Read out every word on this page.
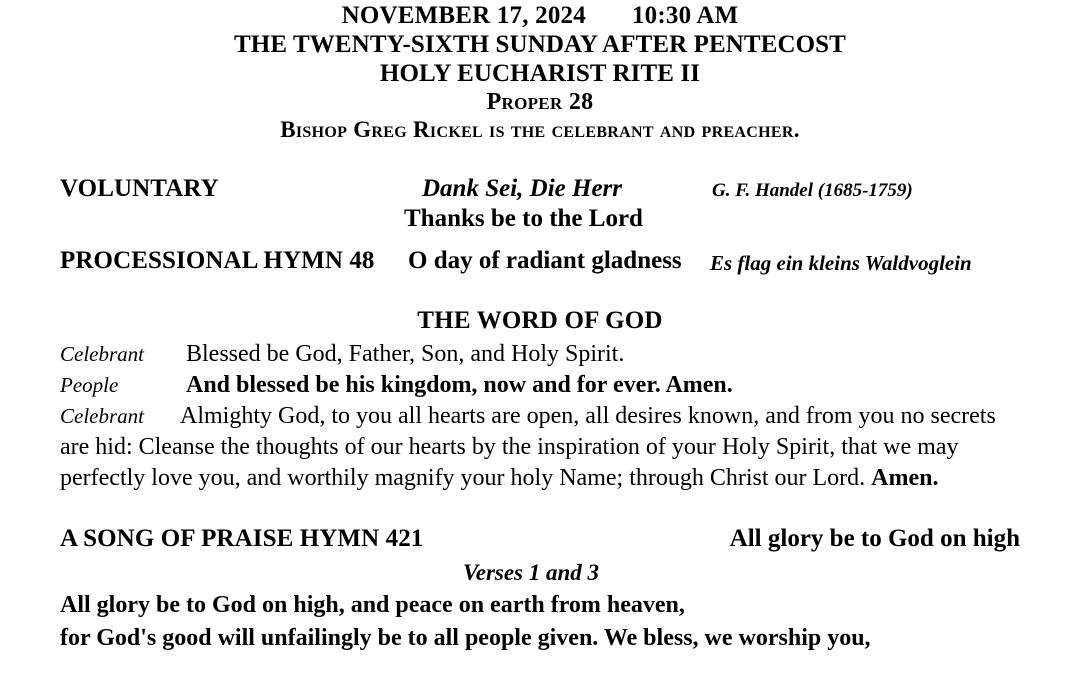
NOVEMBER 17, 2024 10:30 AM
THE TWENTY-SIXTH SUNDAY AFTER PENTECOST
HOLY EUCHARIST RITE II
Proper 28
Bishop Greg Rickel is the celebrant and preacher.
VOLUNTARY	Dank Sei, Die Herr	G. F. Handel (1685-1759)
Thanks be to the Lord
PROCESSIONAL HYMN 48 O day of radiant gladness Es flag ein kleins Waldvoglein
THE WORD OF GOD
Celebrant	Blessed be God, Father, Son, and Holy Spirit.
People	And blessed be his kingdom, now and for ever. Amen.

Celebrant Almighty God, to you all hearts are open, all desires known, and from you no secrets are hid: Cleanse the thoughts of our hearts by the inspiration of your Holy Spirit, that we may perfectly love you, and worthily magnify your holy Name; through Christ our Lord. Amen.

A SONG OF PRAISE HYMN 421	All glory be to God on high
Verses 1 and 3
All glory be to God on high, and peace on earth from heaven,
for God's good will unfailingly be to all people given. We bless, we worship you,
